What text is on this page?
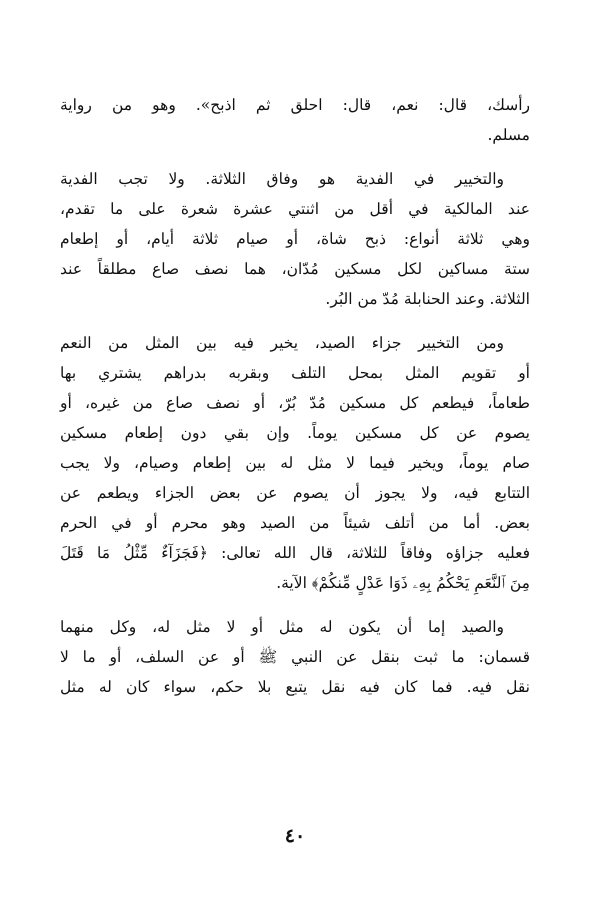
رأسك، قال: نعم، قال: احلق ثم اذبح». وهو من رواية
مسلم.
والتخيير في الفدية هو وفاق الثلاثة. ولا تجب الفدية
عند المالكية في أقل من اثنتي عشرة شعرة على ما تقدم،
وهي ثلاثة أنواع: ذبح شاة، أو صيام ثلاثة أيام، أو إطعام
ستة مساكين لكل مسكين مُدّان، هما نصف صاع مطلقاً عند
الثلاثة. وعند الحنابلة مُدّ من البُر.
ومن التخيير جزاء الصيد، يخير فيه بين المثل من النعم
أو تقويم المثل بمحل التلف وبقربه بدراهم يشتري بها
طعاماً، فيطعم كل مسكين مُدّ بُرّ، أو نصف صاع من غيره، أو
يصوم عن كل مسكين يوماً. وإن بقي دون إطعام مسكين
صام يوماً، ويخير فيما لا مثل له بين إطعام وصيام، ولا يجب
التتابع فيه، ولا يجوز أن يصوم عن بعض الجزاء ويطعم عن
بعض. أما من أتلف شيئاً من الصيد وهو محرم أو في الحرم
فعليه جزاؤه وفاقاً للثلاثة، قال الله تعالى: ﴿فَجَزَآءٌ مِّثْلُ مَا قَتَلَ
مِنَ ٱلنَّعَمِ يَحْكُمُ بِهِۦ ذَوَا عَدْلٍ مِّنكُمْ﴾ الآية.
والصيد إما أن يكون له مثل أو لا مثل له، وكل منهما
قسمان: ما ثبت بنقل عن النبي ﷺ أو عن السلف، أو ما لا
نقل فيه. فما كان فيه نقل يتبع بلا حكم، سواء كان له مثل
٤٠
